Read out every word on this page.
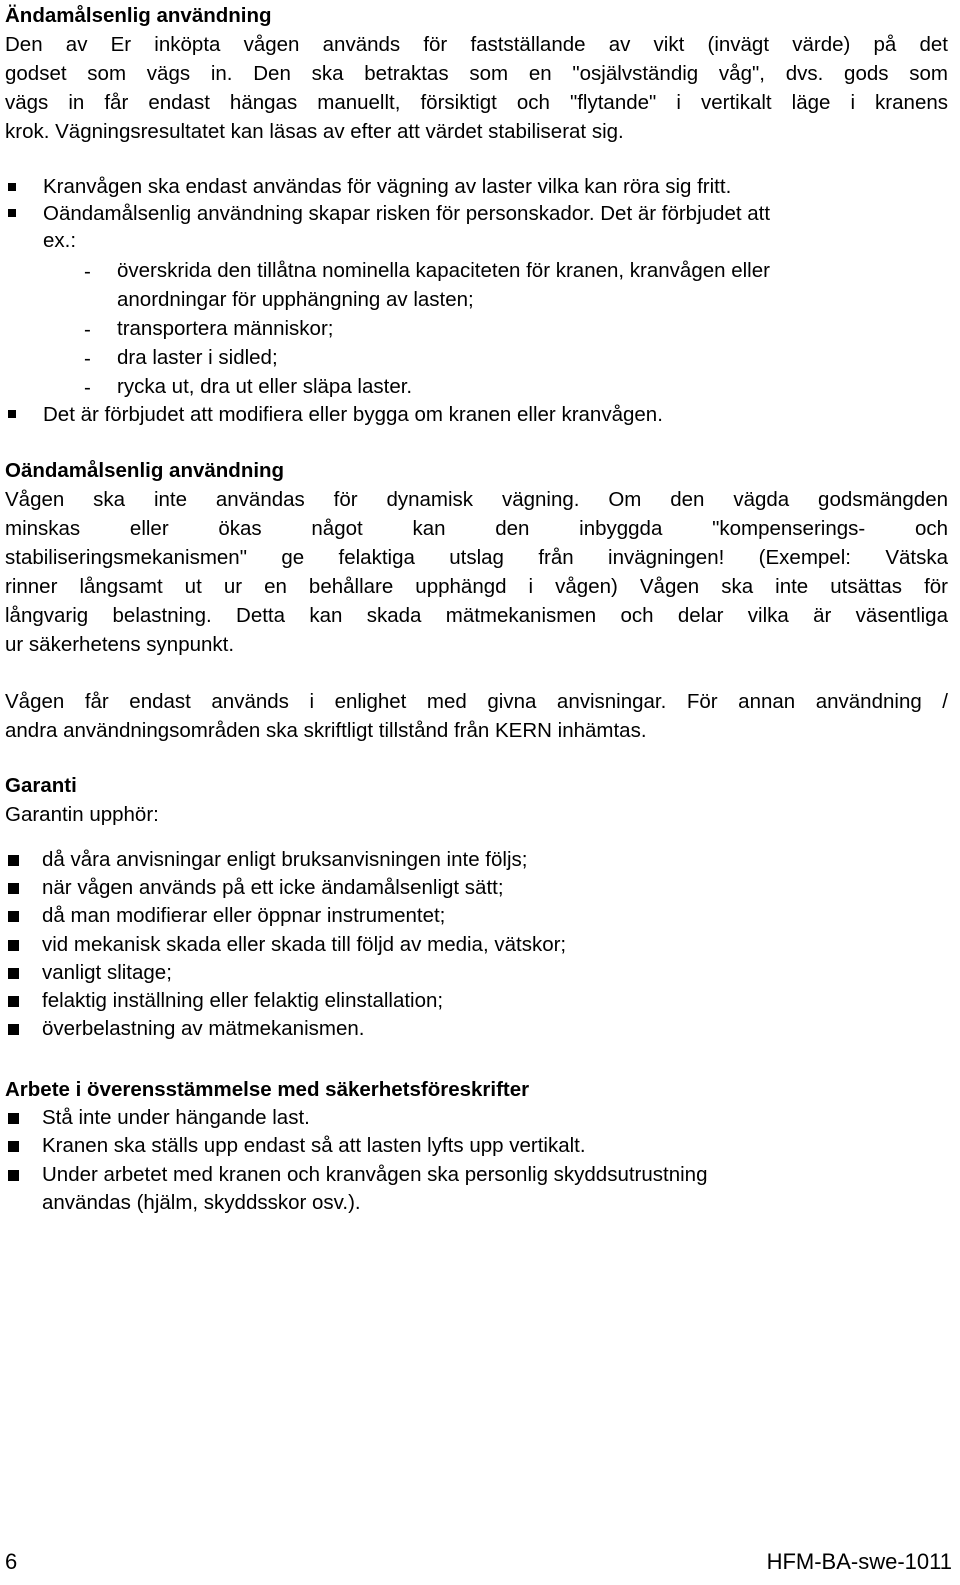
Ändamålsenlig användning
Den av Er inköpta vågen används för fastställande av vikt (invägt värde) på det
godset som vägs in. Den ska betraktas som en "osjälvständig våg", dvs. gods som
vägs in får endast hängas manuellt, försiktigt och "flytande" i vertikalt läge i kranens
krok. Vägningsresultatet kan läsas av efter att värdet stabiliserat sig.
Kranvågen ska endast användas för vägning av laster vilka kan röra sig fritt.
Oändamålsenlig användning skapar risken för personskador. Det är förbjudet att
ex.:
- överskrida den tillåtna nominella kapaciteten för kranen, kranvågen eller
anordningar för upphängning av lasten;
- transportera människor;
- dra laster i sidled;
- rycka ut, dra ut eller släpa laster.
Det är förbjudet att modifiera eller bygga om kranen eller kranvågen.
Oändamålsenlig användning
Vågen ska inte användas för dynamisk vägning. Om den vägda godsmängden
minskas eller ökas något kan den inbyggda "kompenserings- och
stabiliseringsmekanismen" ge felaktiga utslag från invägningen! (Exempel: Vätska
rinner långsamt ut ur en behållare upphängd i vågen) Vågen ska inte utsättas för
långvarig belastning. Detta kan skada mätmekanismen och delar vilka är väsentliga
ur säkerhetens synpunkt.
Vågen får endast används i enlighet med givna anvisningar. För annan användning /
andra användningsområden ska skriftligt tillstånd från KERN inhämtas.
Garanti
Garantin upphör:
då våra anvisningar enligt bruksanvisningen inte följs;
när vågen används på ett icke ändamålsenligt sätt;
då man modifierar eller öppnar instrumentet;
vid mekanisk skada eller skada till följd av media, vätskor;
vanligt slitage;
felaktig inställning eller felaktig elinstallation;
överbelastning av mätmekanismen.
Arbete i överensstämmelse med säkerhetsföreskrifter
Stå inte under hängande last.
Kranen ska ställs upp endast så att lasten lyfts upp vertikalt.
Under arbetet med kranen och kranvågen ska personlig skyddsutrustning
användas (hjälm, skyddsskor osv.).
6	HFM-BA-swe-1011
